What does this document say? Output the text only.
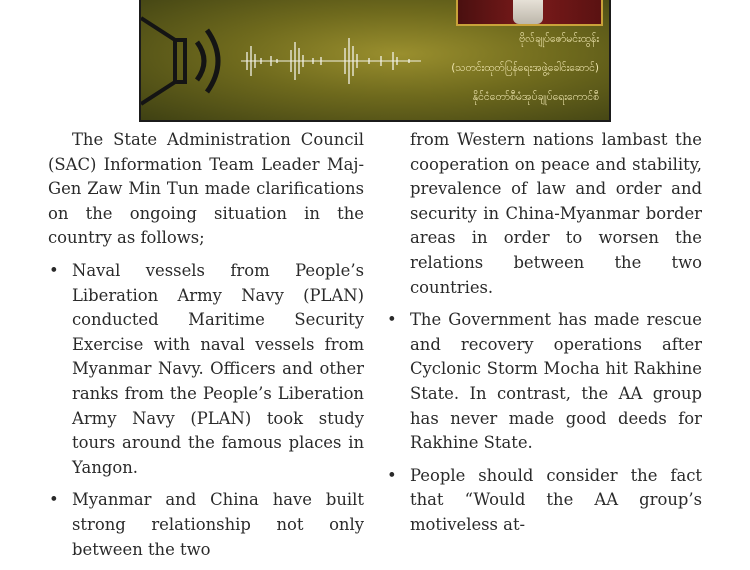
ဗိုလ်ချုပ်ဇော်မင်းထွန်း
(သတင်းထုတ်ပြန်ရေးအဖွဲ့ခေါင်းဆောင်)
နိုင်ငံတော်စီမံအုပ်ချုပ်ရေးကောင်စီ

The State Administration Council (SAC) Information Team Leader Maj-Gen Zaw Min Tun made clarifications on the ongoing situation in the country as follows;

• Naval vessels from People’s Liberation Army Navy (PLAN) conducted Maritime Security Exercise with naval vessels from Myanmar Navy. Officers and other ranks from the People’s Liberation Army Navy (PLAN) took study tours around the famous places in Yangon.
• Myanmar and China have built strong relationship not only between the two

from Western nations lambast the cooperation on peace and stability, prevalence of law and order and security in China-Myanmar border areas in order to worsen the relations between the two countries.

• The Government has made rescue and recovery operations after Cyclonic Storm Mocha hit Rakhine State. In contrast, the AA group has never made good deeds for Rakhine State.
• People should consider the fact that “Would the AA group’s motiveless at-
